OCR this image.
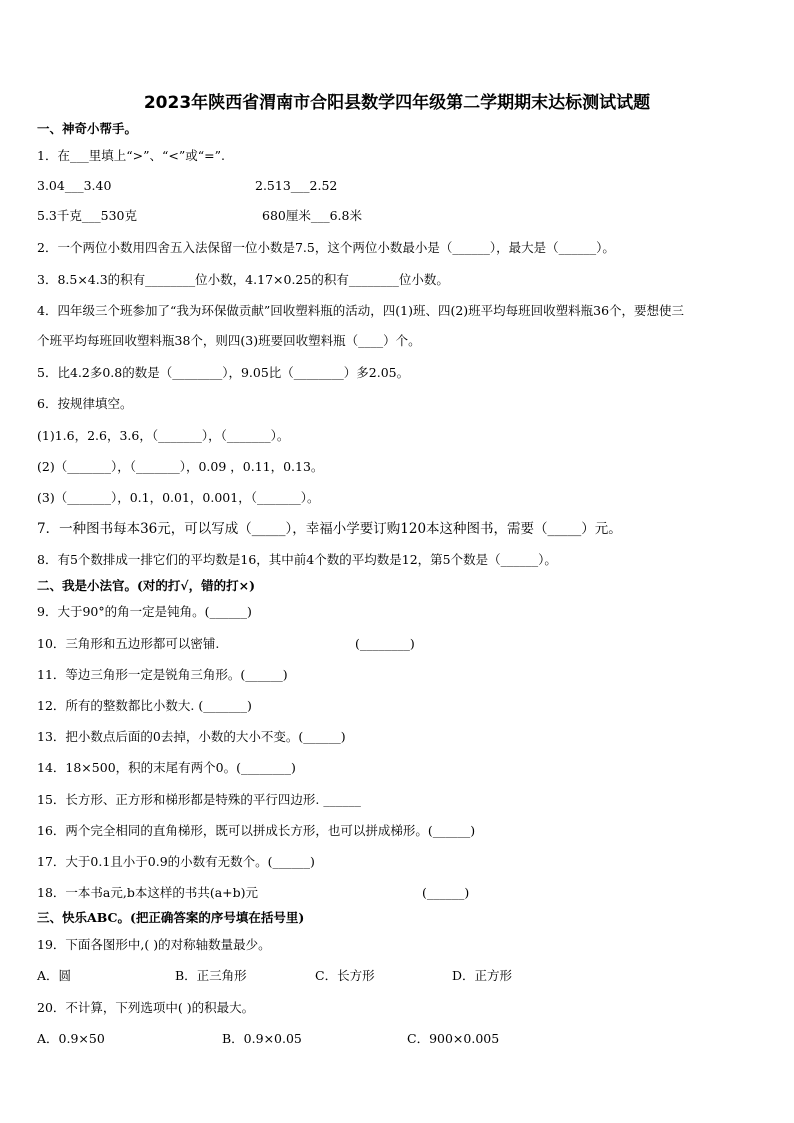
2023年陕西省渭南市合阳县数学四年级第二学期期末达标测试试题
一、神奇小帮手。
1．在___里填上“>”、“<”或“=”.
3.04___3.40	2.513___2.52
5.3千克___530克	680厘米___6.8米
2．一个两位小数用四舍五入法保留一位小数是7.5，这个两位小数最小是（______），最大是（______）。
3．8.5×4.3的积有________位小数，4.17×0.25的积有________位小数。
4．四年级三个班参加了“我为环保做贡献”回收塑料瓶的活动，四(1)班、四(2)班平均每班回收塑料瓶36个，要想使三
个班平均每班回收塑料瓶38个，则四(3)班要回收塑料瓶（____）个。
5．比4.2多0.8的数是（________），9.05比（________）多2.05。
6．按规律填空。
(1)1.6，2.6，3.6，（_______），（_______）。
(2)（_______），（_______），0.09 ，0.11，0.13。
(3)（_______），0.1，0.01，0.001，（_______）。
7．一种图书每本36元，可以写成（_____），幸福小学要订购120本这种图书，需要（_____）元。
8．有5个数排成一排它们的平均数是16，其中前4个数的平均数是12，第5个数是（______）。
二、我是小法官。(对的打√，错的打×)
9．大于90°的角一定是钝角。(______)
10．三角形和五边形都可以密铺.	(________)
11．等边三角形一定是锐角三角形。(______)
12．所有的整数都比小数大. (_______)
13．把小数点后面的0去掉，小数的大小不变。(______)
14．18×500，积的末尾有两个0。(________)
15．长方形、正方形和梯形都是特殊的平行四边形. ______
16．两个完全相同的直角梯形，既可以拼成长方形，也可以拼成梯形。(______)
17．大于0.1且小于0.9的小数有无数个。(______)
18．一本书a元,b本这样的书共(a+b)元	(______)
三、快乐ABC。(把正确答案的序号填在括号里)
19．下面各图形中,( )的对称轴数量最少。
A．圆	B．正三角形	C．长方形	D．正方形
20．不计算，下列选项中( )的积最大。
A．0.9×50	B．0.9×0.05	C．900×0.005
